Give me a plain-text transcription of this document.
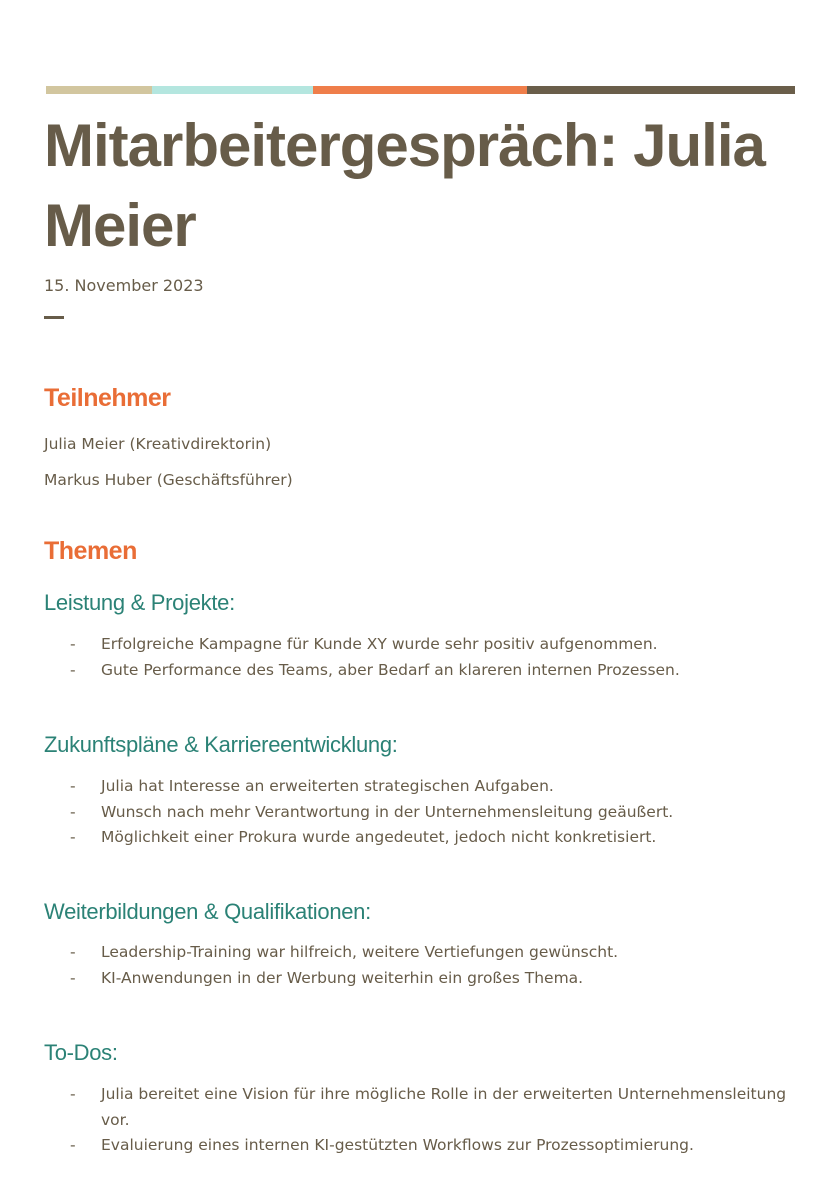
Mitarbeitergespräch: Julia Meier
15. November 2023
Teilnehmer

Julia Meier (Kreativdirektorin)

Markus Huber (Geschäftsführer)

Themen
Leistung & Projekte:
- Erfolgreiche Kampagne für Kunde XY wurde sehr positiv aufgenommen.
- Gute Performance des Teams, aber Bedarf an klareren internen Prozessen.
Zukunftspläne & Karriereentwicklung:
- Julia hat Interesse an erweiterten strategischen Aufgaben.
- Wunsch nach mehr Verantwortung in der Unternehmensleitung geäußert.
- Möglichkeit einer Prokura wurde angedeutet, jedoch nicht konkretisiert.
Weiterbildungen & Qualifikationen:
- Leadership-Training war hilfreich, weitere Vertiefungen gewünscht.
- KI-Anwendungen in der Werbung weiterhin ein großes Thema.
To-Dos:
- Julia bereitet eine Vision für ihre mögliche Rolle in der erweiterten Unternehmensleitung vor.
- Evaluierung eines internen KI-gestützten Workflows zur Prozessoptimierung.
